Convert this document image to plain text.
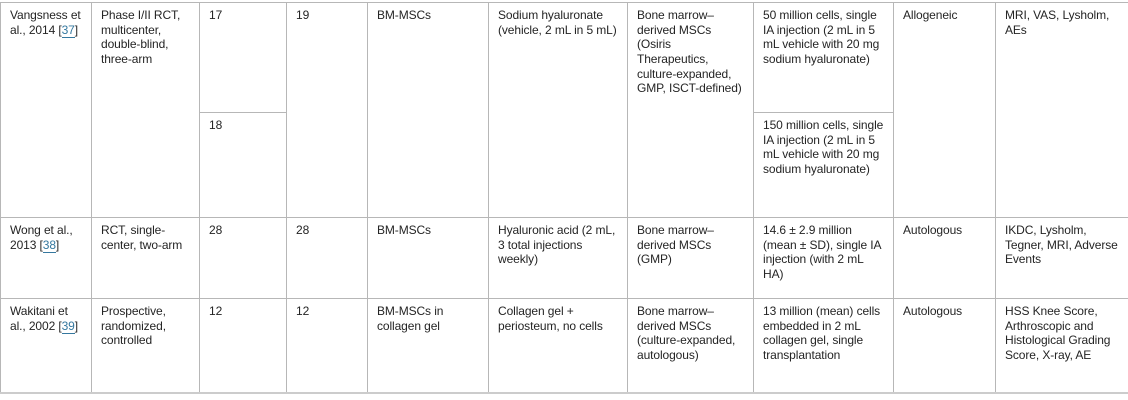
Vangsness et al., 2014 [37]	Phase I/II RCT, multicenter, double-blind, three-arm	17	19	BM-MSCs	Sodium hyaluronate (vehicle, 2 mL in 5 mL)	Bone marrow–derived MSCs (Osiris Therapeutics, culture-expanded, GMP, ISCT-defined)	50 million cells, single IA injection (2 mL in 5 mL vehicle with 20 mg sodium hyaluronate)	Allogeneic	MRI, VAS, Lysholm, AEs
		18					150 million cells, single IA injection (2 mL in 5 mL vehicle with 20 mg sodium hyaluronate)		
Wong et al., 2013 [38]	RCT, single-center, two-arm	28	28	BM-MSCs	Hyaluronic acid (2 mL, 3 total injections weekly)	Bone marrow–derived MSCs (GMP)	14.6 ± 2.9 million (mean ± SD), single IA injection (with 2 mL HA)	Autologous	IKDC, Lysholm, Tegner, MRI, Adverse Events
Wakitani et al., 2002 [39]	Prospective, randomized, controlled	12	12	BM-MSCs in collagen gel	Collagen gel + periosteum, no cells	Bone marrow–derived MSCs (culture-expanded, autologous)	13 million (mean) cells embedded in 2 mL collagen gel, single transplantation	Autologous	HSS Knee Score, Arthroscopic and Histological Grading Score, X-ray, AE
